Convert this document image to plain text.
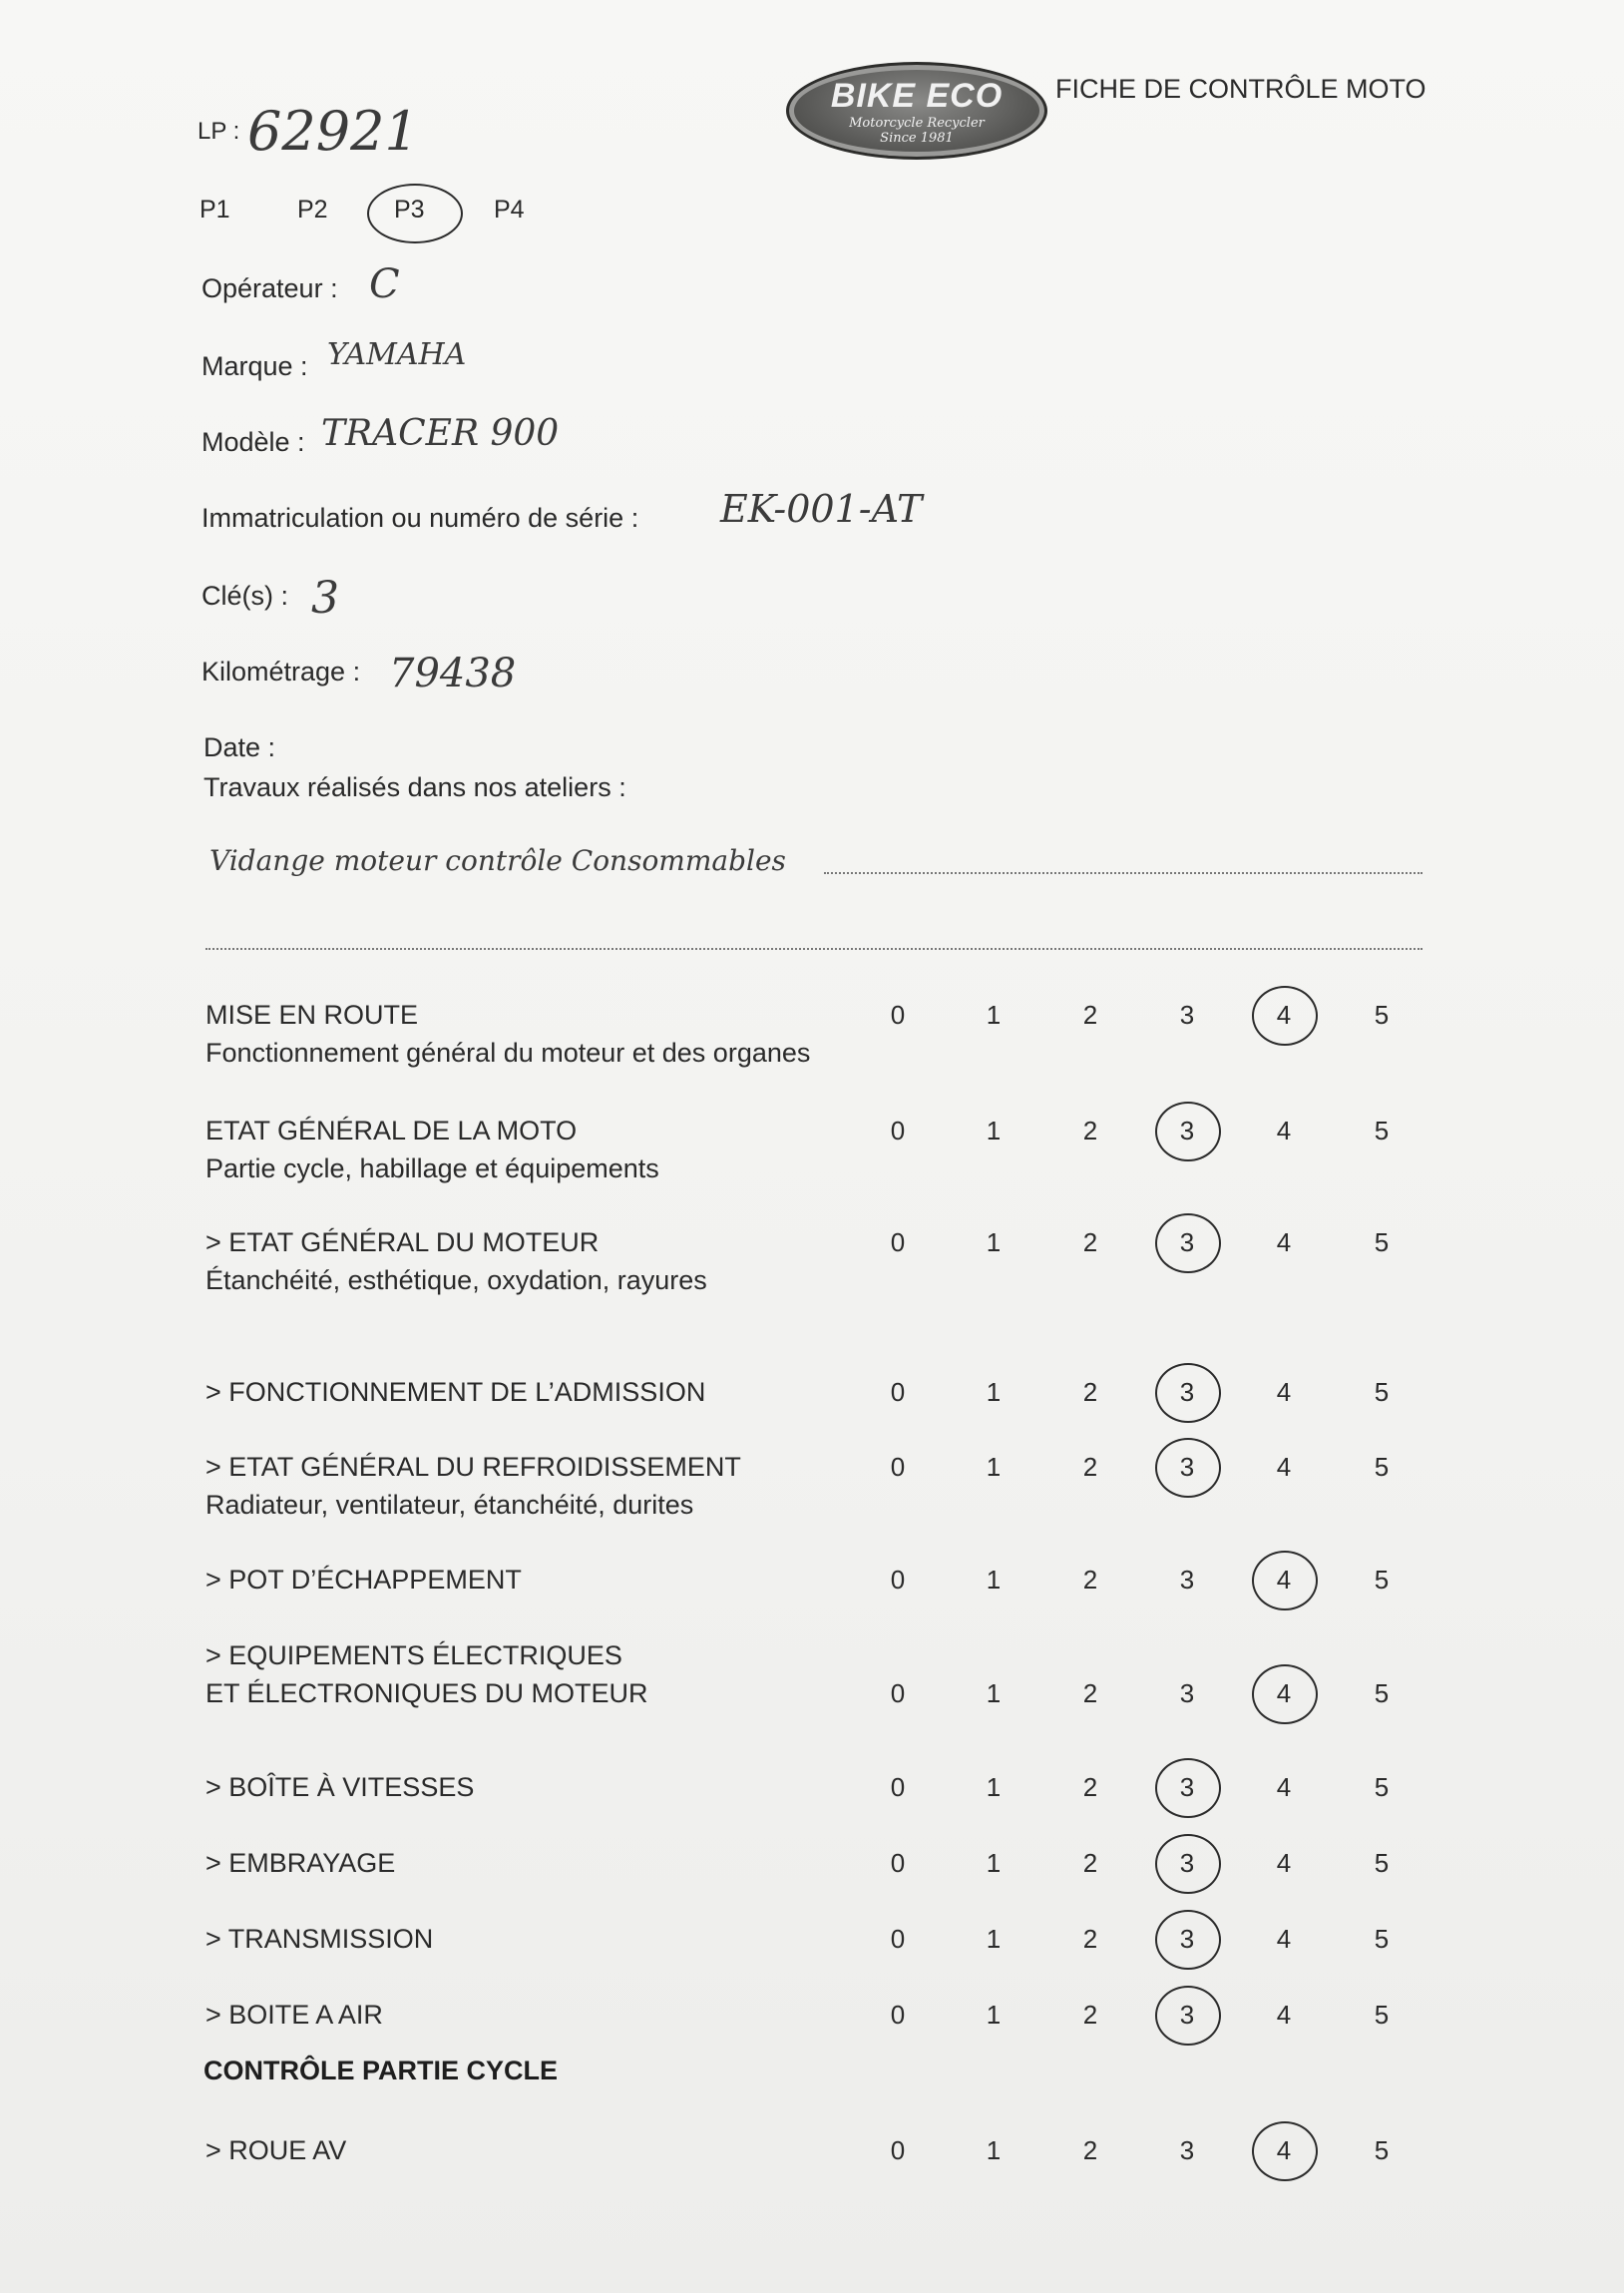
BIKE ECO
Motorcycle Recycler
Since 1981
FICHE DE CONTRÔLE MOTO
LP : 62921
P1	P2	P3	P4
Opérateur : C
Marque : YAMAHA
Modèle : TRACER 900
Immatriculation ou numéro de série : EK-001-AT
Clé(s) : 3
Kilométrage : 79438
Date :
Travaux réalisés dans nos ateliers :
Vidange moteur contrôle Consommables
MISE EN ROUTE
Fonctionnement général du moteur et des organes
0	1	2	3	4	5
ETAT GÉNÉRAL DE LA MOTO
Partie cycle, habillage et équipements
0	1	2	3	4	5
> ETAT GÉNÉRAL DU MOTEUR
Étanchéité, esthétique, oxydation, rayures
0	1	2	3	4	5
> FONCTIONNEMENT DE L’ADMISSION	0	1	2	3	4	5
> ETAT GÉNÉRAL DU REFROIDISSEMENT
Radiateur, ventilateur, étanchéité, durites
0	1	2	3	4	5
> POT D’ÉCHAPPEMENT	0	1	2	3	4	5
> EQUIPEMENTS ÉLECTRIQUES
ET ÉLECTRONIQUES DU MOTEUR	0	1	2	3	4	5
> BOÎTE À VITESSES	0	1	2	3	4	5
> EMBRAYAGE	0	1	2	3	4	5
> TRANSMISSION	0	1	2	3	4	5
> BOITE A AIR	0	1	2	3	4	5
CONTRÔLE PARTIE CYCLE
> ROUE AV	0	1	2	3	4	5
